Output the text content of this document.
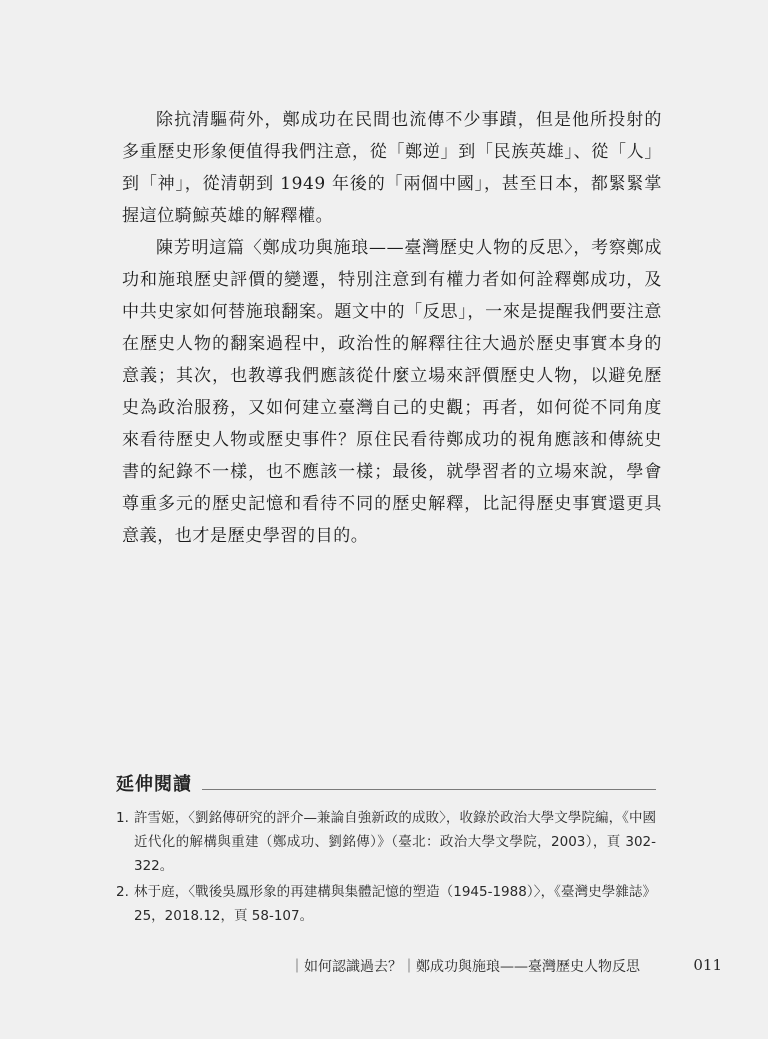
除抗清驅荷外，鄭成功在民間也流傳不少事蹟，但是他所投射的多重歷史形象便值得我們注意，從「鄭逆」到「民族英雄」、從「人」到「神」，從清朝到 1949 年後的「兩個中國」，甚至日本，都緊緊掌握這位騎鯨英雄的解釋權。

陳芳明這篇〈鄭成功與施琅——臺灣歷史人物的反思〉，考察鄭成功和施琅歷史評價的變遷，特別注意到有權力者如何詮釋鄭成功，及中共史家如何替施琅翻案。題文中的「反思」，一來是提醒我們要注意在歷史人物的翻案過程中，政治性的解釋往往大過於歷史事實本身的意義；其次，也教導我們應該從什麼立場來評價歷史人物，以避免歷史為政治服務，又如何建立臺灣自己的史觀；再者，如何從不同角度來看待歷史人物或歷史事件？原住民看待鄭成功的視角應該和傳統史書的紀錄不一樣，也不應該一樣；最後，就學習者的立場來說，學會尊重多元的歷史記憶和看待不同的歷史解釋，比記得歷史事實還更具意義，也才是歷史學習的目的。

延伸閱讀
1. 許雪姬，〈劉銘傳研究的評介—兼論自強新政的成敗〉，收錄於政治大學文學院編，《中國近代化的解構與重建（鄭成功、劉銘傳）》（臺北：政治大學文學院，2003），頁 302-322。
2. 林于庭，〈戰後吳鳳形象的再建構與集體記憶的塑造（1945-1988）〉，《臺灣史學雜誌》25，2018.12，頁 58-107。
｜如何認識過去？｜鄭成功與施琅——臺灣歷史人物反思	011
